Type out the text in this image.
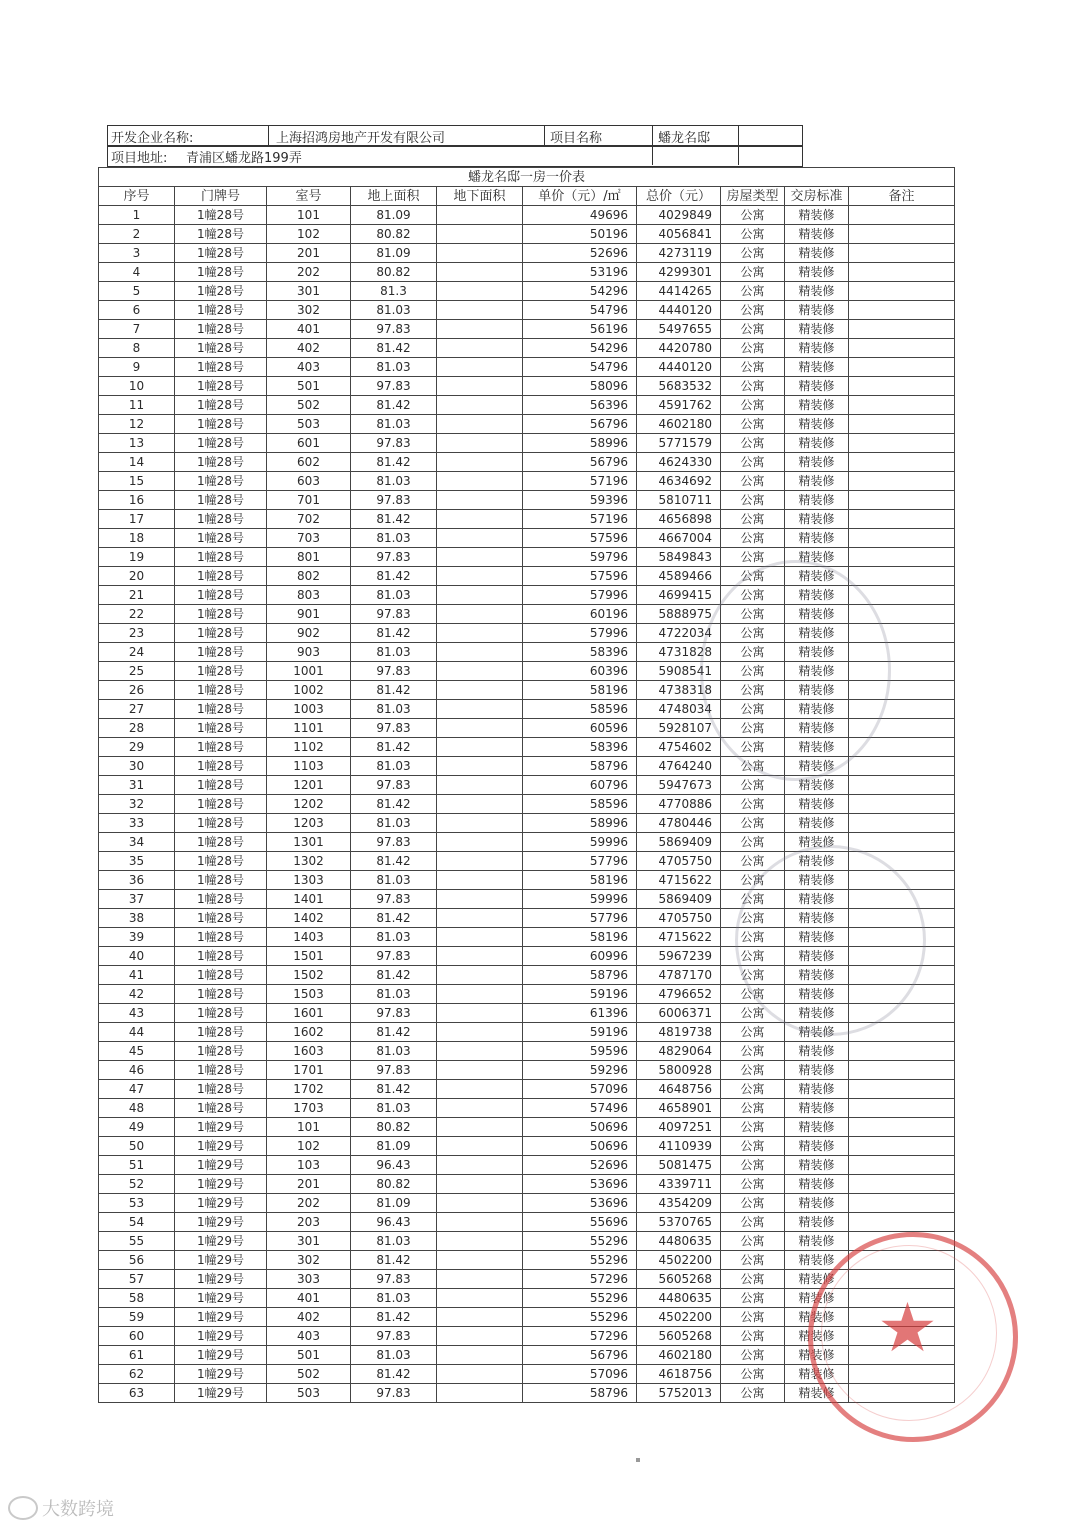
开发企业名称:	上海招鸿房地产开发有限公司	项目名称	蟠龙名邸
项目地址: 青浦区蟠龙路199弄
蟠龙名邸一房一价表									
序号	门牌号	室号	地上面积	地下面积	单价（元）/㎡	总价（元）	房屋类型	交房标准	备注
1	1幢28号	101	81.09		49696	4029849	公寓	精装修	
2	1幢28号	102	80.82		50196	4056841	公寓	精装修	
3	1幢28号	201	81.09		52696	4273119	公寓	精装修	
4	1幢28号	202	80.82		53196	4299301	公寓	精装修	
5	1幢28号	301	81.3		54296	4414265	公寓	精装修	
6	1幢28号	302	81.03		54796	4440120	公寓	精装修	
7	1幢28号	401	97.83		56196	5497655	公寓	精装修	
8	1幢28号	402	81.42		54296	4420780	公寓	精装修	
9	1幢28号	403	81.03		54796	4440120	公寓	精装修	
10	1幢28号	501	97.83		58096	5683532	公寓	精装修	
11	1幢28号	502	81.42		56396	4591762	公寓	精装修	
12	1幢28号	503	81.03		56796	4602180	公寓	精装修	
13	1幢28号	601	97.83		58996	5771579	公寓	精装修	
14	1幢28号	602	81.42		56796	4624330	公寓	精装修	
15	1幢28号	603	81.03		57196	4634692	公寓	精装修	
16	1幢28号	701	97.83		59396	5810711	公寓	精装修	
17	1幢28号	702	81.42		57196	4656898	公寓	精装修	
18	1幢28号	703	81.03		57596	4667004	公寓	精装修	
19	1幢28号	801	97.83		59796	5849843	公寓	精装修	
20	1幢28号	802	81.42		57596	4589466	公寓	精装修	
21	1幢28号	803	81.03		57996	4699415	公寓	精装修	
22	1幢28号	901	97.83		60196	5888975	公寓	精装修	
23	1幢28号	902	81.42		57996	4722034	公寓	精装修	
24	1幢28号	903	81.03		58396	4731828	公寓	精装修	
25	1幢28号	1001	97.83		60396	5908541	公寓	精装修	
26	1幢28号	1002	81.42		58196	4738318	公寓	精装修	
27	1幢28号	1003	81.03		58596	4748034	公寓	精装修	
28	1幢28号	1101	97.83		60596	5928107	公寓	精装修	
29	1幢28号	1102	81.42		58396	4754602	公寓	精装修	
30	1幢28号	1103	81.03		58796	4764240	公寓	精装修	
31	1幢28号	1201	97.83		60796	5947673	公寓	精装修	
32	1幢28号	1202	81.42		58596	4770886	公寓	精装修	
33	1幢28号	1203	81.03		58996	4780446	公寓	精装修	
34	1幢28号	1301	97.83		59996	5869409	公寓	精装修	
35	1幢28号	1302	81.42		57796	4705750	公寓	精装修	
36	1幢28号	1303	81.03		58196	4715622	公寓	精装修	
37	1幢28号	1401	97.83		59996	5869409	公寓	精装修	
38	1幢28号	1402	81.42		57796	4705750	公寓	精装修	
39	1幢28号	1403	81.03		58196	4715622	公寓	精装修	
40	1幢28号	1501	97.83		60996	5967239	公寓	精装修	
41	1幢28号	1502	81.42		58796	4787170	公寓	精装修	
42	1幢28号	1503	81.03		59196	4796652	公寓	精装修	
43	1幢28号	1601	97.83		61396	6006371	公寓	精装修	
44	1幢28号	1602	81.42		59196	4819738	公寓	精装修	
45	1幢28号	1603	81.03		59596	4829064	公寓	精装修	
46	1幢28号	1701	97.83		59296	5800928	公寓	精装修	
47	1幢28号	1702	81.42		57096	4648756	公寓	精装修	
48	1幢28号	1703	81.03		57496	4658901	公寓	精装修	
49	1幢29号	101	80.82		50696	4097251	公寓	精装修	
50	1幢29号	102	81.09		50696	4110939	公寓	精装修	
51	1幢29号	103	96.43		52696	5081475	公寓	精装修	
52	1幢29号	201	80.82		53696	4339711	公寓	精装修	
53	1幢29号	202	81.09		53696	4354209	公寓	精装修	
54	1幢29号	203	96.43		55696	5370765	公寓	精装修	
55	1幢29号	301	81.03		55296	4480635	公寓	精装修	
56	1幢29号	302	81.42		55296	4502200	公寓	精装修	
57	1幢29号	303	97.83		57296	5605268	公寓	精装修	
58	1幢29号	401	81.03		55296	4480635	公寓	精装修	
59	1幢29号	402	81.42		55296	4502200	公寓	精装修	
60	1幢29号	403	97.83		57296	5605268	公寓	精装修	
61	1幢29号	501	81.03		56796	4602180	公寓	精装修	
62	1幢29号	502	81.42		57096	4618756	公寓	精装修	
63	1幢29号	503	97.83		58796	5752013	公寓	精装修	
★
大数跨境
